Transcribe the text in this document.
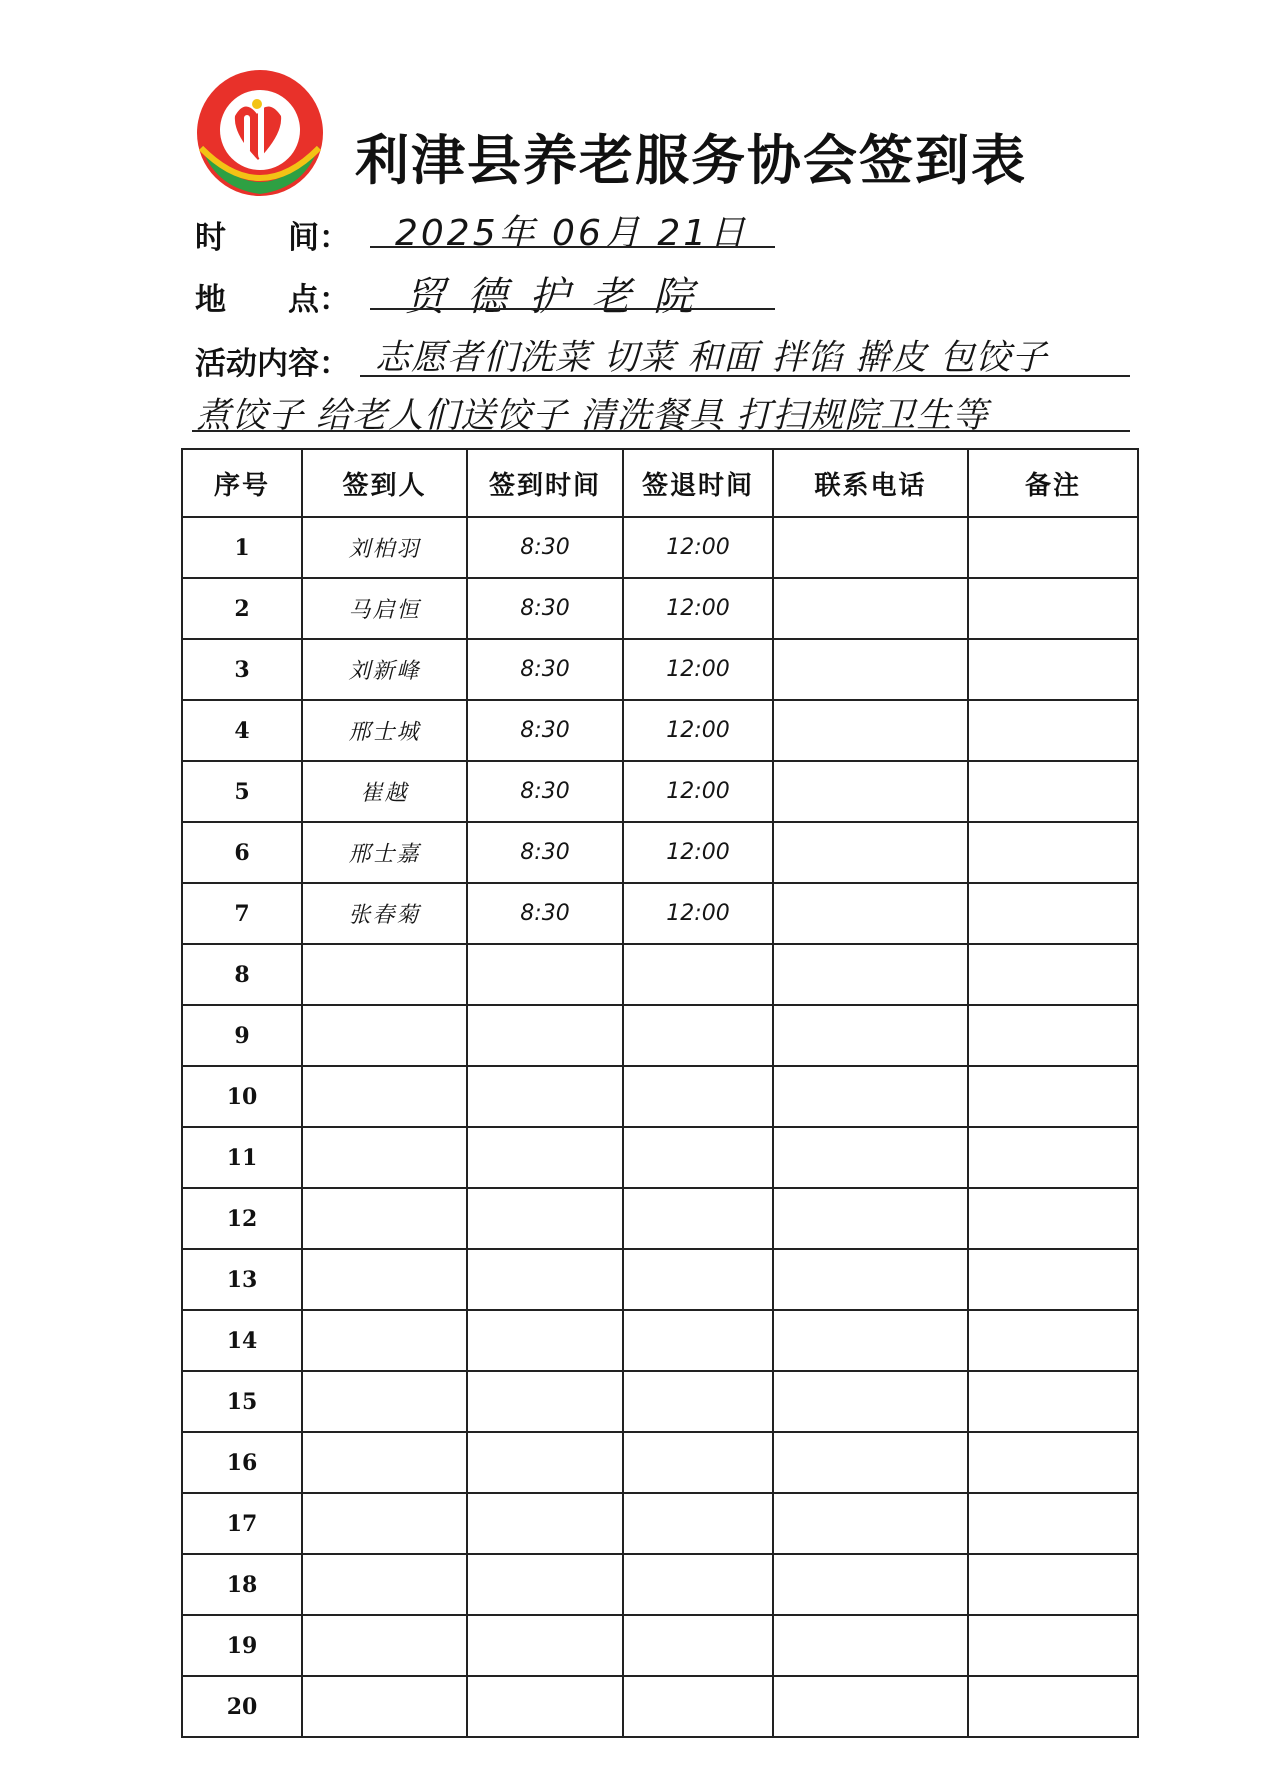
利津县养老服务协会签到表
时　　间： 2025年 06月 21日
地　　点： 贸德护老院
活动内容： 志愿者们洗菜 切菜 和面 拌馅 擀皮 包饺子
煮饺子 给老人们送饺子 清洗餐具 打扫规院卫生等
序号	签到人	签到时间	签退时间	联系电话	备注
1	刘柏羽	8:30	12:00		
2	马启恒	8:30	12:00		
3	刘新峰	8:30	12:00		
4	邢士城	8:30	12:00		
5	崔越	8:30	12:00		
6	邢士嘉	8:30	12:00		
7	张春菊	8:30	12:00		
8					
9					
10					
11					
12					
13					
14					
15					
16					
17					
18					
19					
20					
